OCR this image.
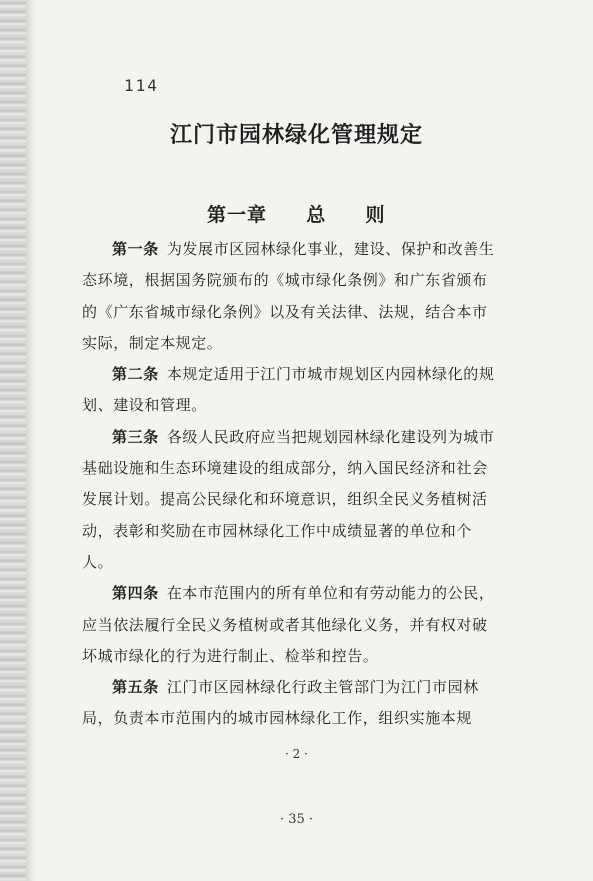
114
江门市园林绿化管理规定
第一章 总 则

第一条 为发展市区园林绿化事业，建设、保护和改善生态环境，根据国务院颁布的《城市绿化条例》和广东省颁布的《广东省城市绿化条例》以及有关法律、法规，结合本市实际，制定本规定。

第二条 本规定适用于江门市城市规划区内园林绿化的规划、建设和管理。

第三条 各级人民政府应当把规划园林绿化建设列为城市基础设施和生态环境建设的组成部分，纳入国民经济和社会发展计划。提高公民绿化和环境意识，组织全民义务植树活动，表彰和奖励在市园林绿化工作中成绩显著的单位和个人。

第四条 在本市范围内的所有单位和有劳动能力的公民，应当依法履行全民义务植树或者其他绿化义务，并有权对破坏城市绿化的行为进行制止、检举和控告。

第五条 江门市区园林绿化行政主管部门为江门市园林局，负责本市范围内的城市园林绿化工作，组织实施本规

· 2 ·
· 35 ·
